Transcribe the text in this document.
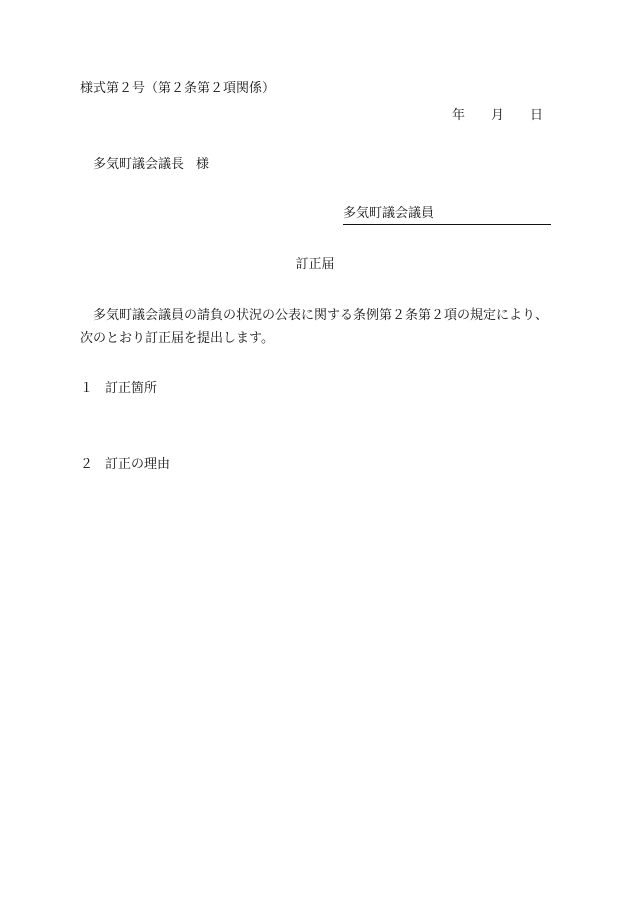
様式第２号（第２条第２項関係）
年 月 日
多気町議会議長 様
多気町議会議員
訂正届
多気町議会議員の請負の状況の公表に関する条例第２条第２項の規定により、次のとおり訂正届を提出します。
１ 訂正箇所
２ 訂正の理由
